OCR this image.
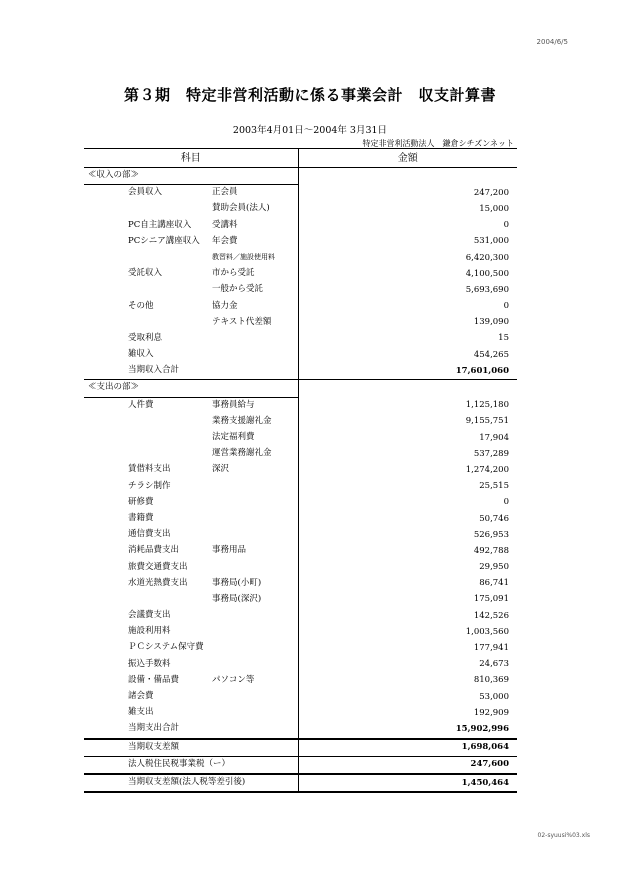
2004/6/5
第３期　特定非営利活動に係る事業会計　収支計算書
2003年4月01日～2004年 3月31日
特定非営利活動法人　鎌倉シチズンネット
科目	金額

≪収入の部≫	

会員収入 正会員	247,200

賛助会員(法人)	15,000

PC自主講座収入 受講料	0

PCシニア講座収入 年会費	531,000

教習料／施設使用料	6,420,300

受託収入 市から受託	4,100,500

一般から受託	5,693,690

その他 協力金	0

テキスト代差額	139,090

受取利息	15

雑収入	454,265

当期収入合計	17,601,060

≪支出の部≫	

人件費 事務員給与	1,125,180

業務支援謝礼金	9,155,751

法定福利費	17,904

運営業務謝礼金	537,289

賃借料支出 深沢	1,274,200

チラシ制作	25,515

研修費	0

書籍費	50,746

通信費支出	526,953

消耗品費支出 事務用品	492,788

旅費交通費支出	29,950

水道光熱費支出 事務局(小町)	86,741

事務局(深沢)	175,091

会議費支出	142,526

施設利用料	1,003,560

ＰＣシステム保守費	177,941

振込手数料	24,673

設備・備品費 パソコン等	810,369

諸会費	53,000

雑支出	192,909

当期支出合計	15,902,996

当期収支差額	1,698,064

法人税住民税事業税（ー）	247,600

当期収支差額(法人税等差引後)	1,450,464
02-syuusi%03.xls
